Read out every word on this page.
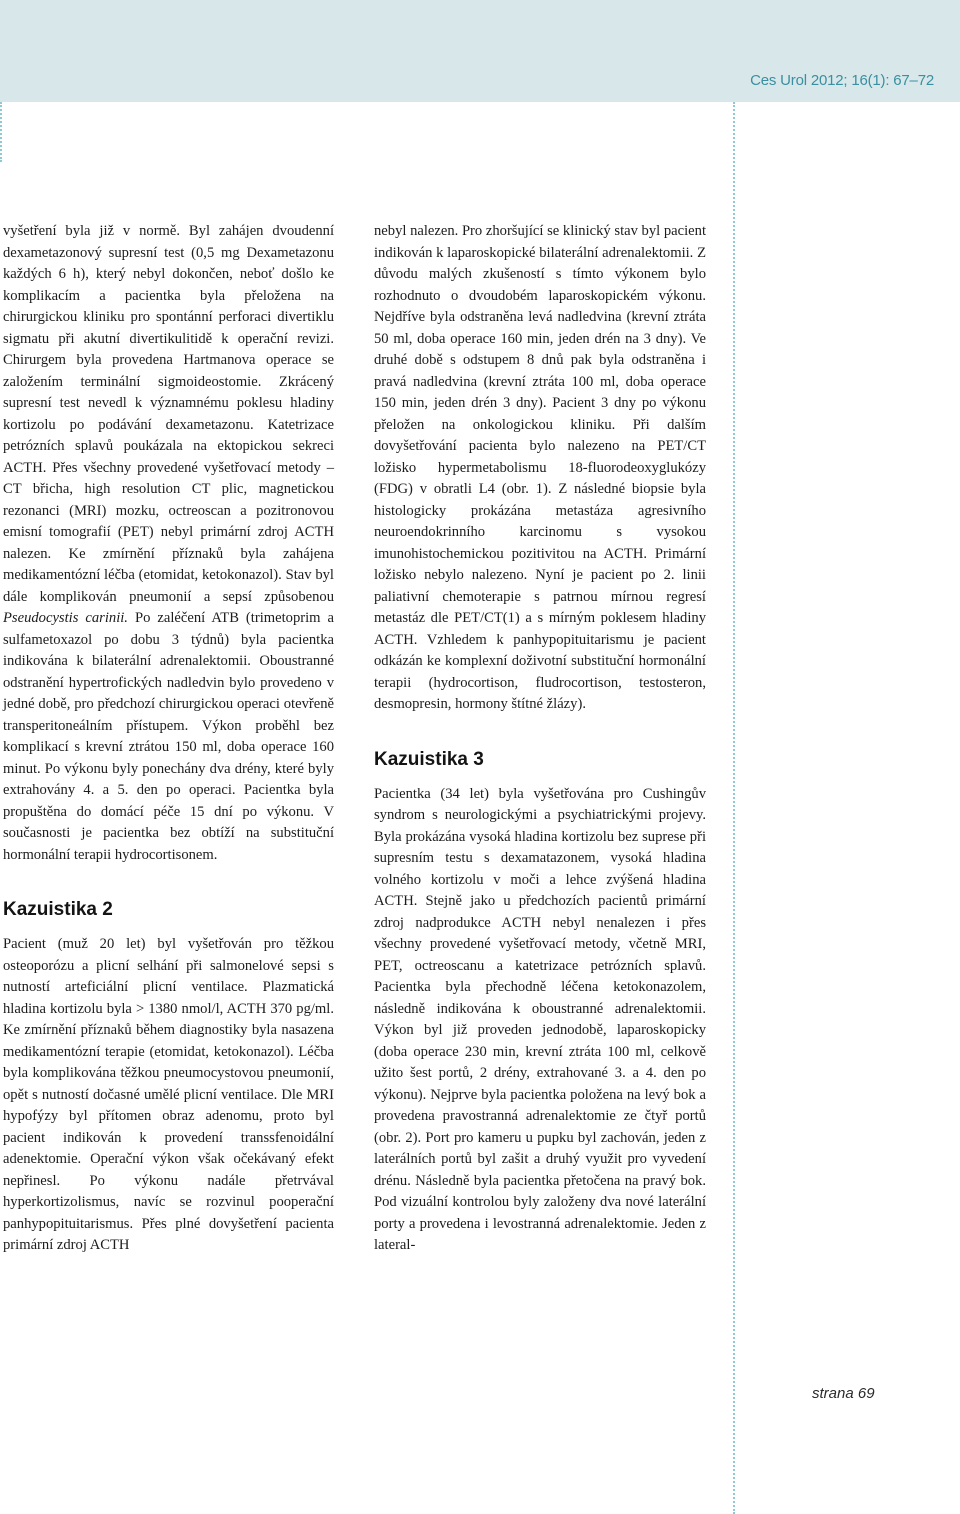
Ces Urol 2012; 16(1): 67–72

vyšetření byla již v normě. Byl zahájen dvoudenní dexametazonový supresní test (0,5 mg Dexametazonu každých 6 h), který nebyl dokončen, neboť došlo ke komplikacím a pacientka byla přeložena na chirurgickou kliniku pro spontánní perforaci divertiklu sigmatu při akutní divertikulitidě k operační revizi. Chirurgem byla provedena Hartmanova operace se založením terminální sigmoideostomie. Zkrácený supresní test nevedl k významnému poklesu hladiny kortizolu po podávání dexametazonu. Katetrizace petrózních splavů poukázala na ektopickou sekreci ACTH. Přes všechny provedené vyšetřovací metody – CT břicha, high resolution CT plic, magnetickou rezonanci (MRI) mozku, octreoscan a pozitronovou emisní tomografií (PET) nebyl primární zdroj ACTH nalezen. Ke zmírnění příznaků byla zahájena medikamentózní léčba (etomidat, ketokonazol). Stav byl dále komplikován pneumonií a sepsí způsobenou Pseudocystis carinii. Po zaléčení ATB (trimetoprim a sulfametoxazol po dobu 3 týdnů) byla pacientka indikována k bilaterální adrenalektomii. Oboustranné odstranění hypertrofických nadledvin bylo provedeno v jedné době, pro předchozí chirurgickou operaci otevřeně transperitoneálním přístupem. Výkon proběhl bez komplikací s krevní ztrátou 150 ml, doba operace 160 minut. Po výkonu byly ponechány dva drény, které byly extrahovány 4. a 5. den po operaci. Pacientka byla propuštěna do domácí péče 15 dní po výkonu. V současnosti je pacientka bez obtíží na substituční hormonální terapii hydrocortisonem.

Kazuistika 2

Pacient (muž 20 let) byl vyšetřován pro těžkou osteoporózu a plicní selhání při salmonelové sepsi s nutností arteficiální plicní ventilace. Plazmatická hladina kortizolu byla > 1380 nmol/l, ACTH 370 pg/ml. Ke zmírnění příznaků během diagnostiky byla nasazena medikamentózní terapie (etomidat, ketokonazol). Léčba byla komplikována těžkou pneumocystovou pneumonií, opět s nutností dočasné umělé plicní ventilace. Dle MRI hypofýzy byl přítomen obraz adenomu, proto byl pacient indikován k provedení transsfenoidální adenektomie. Operační výkon však očekávaný efekt nepřinesl. Po výkonu nadále přetrvával hyperkortizolismus, navíc se rozvinul pooperační panhypopituitarismus. Přes plné dovyšetření pacienta primární zdroj ACTH

nebyl nalezen. Pro zhoršující se klinický stav byl pacient indikován k laparoskopické bilaterální adrenalektomii. Z důvodu malých zkušeností s tímto výkonem bylo rozhodnuto o dvoudobém laparoskopickém výkonu. Nejdříve byla odstraněna levá nadledvina (krevní ztráta 50 ml, doba operace 160 min, jeden drén na 3 dny). Ve druhé době s odstupem 8 dnů pak byla odstraněna i pravá nadledvina (krevní ztráta 100 ml, doba operace 150 min, jeden drén 3 dny). Pacient 3 dny po výkonu přeložen na onkologickou kliniku. Při dalším dovyšetřování pacienta bylo nalezeno na PET/CT ložisko hypermetabolismu 18-fluorodeoxyglukózy (FDG) v obratli L4 (obr. 1). Z následné biopsie byla histologicky prokázána metastáza agresivního neuroendokrinního karcinomu s vysokou imunohistochemickou pozitivitou na ACTH. Primární ložisko nebylo nalezeno. Nyní je pacient po 2. linii paliativní chemoterapie s patrnou mírnou regresí metastáz dle PET/CT(1) a s mírným poklesem hladiny ACTH. Vzhledem k panhypopituitarismu je pacient odkázán ke komplexní doživotní substituční hormonální terapii (hydrocortison, fludrocortison, testosteron, desmopresin, hormony štítné žlázy).

Kazuistika 3

Pacientka (34 let) byla vyšetřována pro Cushingův syndrom s neurologickými a psychiatrickými projevy. Byla prokázána vysoká hladina kortizolu bez suprese při supresním testu s dexamatazonem, vysoká hladina volného kortizolu v moči a lehce zvýšená hladina ACTH. Stejně jako u předchozích pacientů primární zdroj nadprodukce ACTH nebyl nenalezen i přes všechny provedené vyšetřovací metody, včetně MRI, PET, octreoscanu a katetrizace petrózních splavů. Pacientka byla přechodně léčena ketokonazolem, následně indikována k oboustranné adrenalektomii. Výkon byl již proveden jednodobě, laparoskopicky (doba operace 230 min, krevní ztráta 100 ml, celkově užito šest portů, 2 drény, extrahované 3. a 4. den po výkonu). Nejprve byla pacientka položena na levý bok a provedena pravostranná adrenalektomie ze čtyř portů (obr. 2). Port pro kameru u pupku byl zachován, jeden z laterálních portů byl zašit a druhý využit pro vyvedení drénu. Následně byla pacientka přetočena na pravý bok. Pod vizuální kontrolou byly založeny dva nové laterální porty a provedena i levostranná adrenalektomie. Jeden z lateral-

strana 69
